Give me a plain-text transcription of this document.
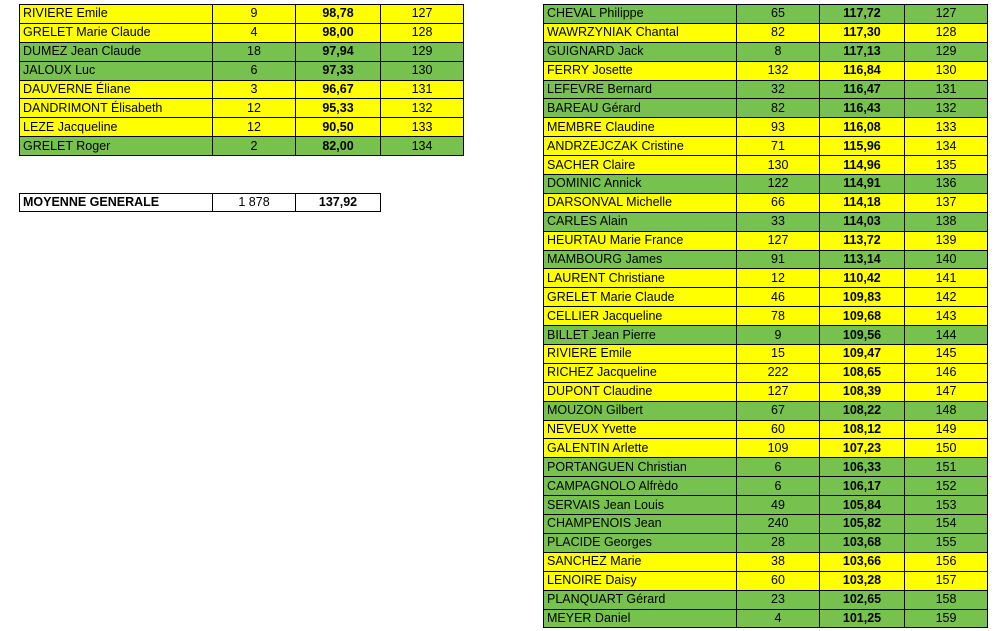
RIVIERE Emile	9	98,78	127
GRELET Marie Claude	4	98,00	128
DUMEZ Jean Claude	18	97,94	129
JALOUX Luc	6	97,33	130
DAUVERNE Éliane	3	96,67	131
DANDRIMONT Élisabeth	12	95,33	132
LEZE Jacqueline	12	90,50	133
GRELET Roger	2	82,00	134
MOYENNE GENERALE	1 878	137,92
CHEVAL Philippe	65	117,72	127
WAWRZYNIAK Chantal	82	117,30	128
GUIGNARD Jack	8	117,13	129
FERRY Josette	132	116,84	130
LEFEVRE Bernard	32	116,47	131
BAREAU Gérard	82	116,43	132
MEMBRE Claudine	93	116,08	133
ANDRZEJCZAK Cristine	71	115,96	134
SACHER Claire	130	114,96	135
DOMINIC Annick	122	114,91	136
DARSONVAL Michelle	66	114,18	137
CARLES Alain	33	114,03	138
HEURTAU Marie France	127	113,72	139
MAMBOURG James	91	113,14	140
LAURENT Christiane	12	110,42	141
GRELET Marie Claude	46	109,83	142
CELLIER Jacqueline	78	109,68	143
BILLET Jean Pierre	9	109,56	144
RIVIERE Emile	15	109,47	145
RICHEZ Jacqueline	222	108,65	146
DUPONT Claudine	127	108,39	147
MOUZON Gilbert	67	108,22	148
NEVEUX Yvette	60	108,12	149
GALENTIN Arlette	109	107,23	150
PORTANGUEN Christian	6	106,33	151
CAMPAGNOLO Alfrèdo	6	106,17	152
SERVAIS Jean Louis	49	105,84	153
CHAMPENOIS Jean	240	105,82	154
PLACIDE Georges	28	103,68	155
SANCHEZ Marie	38	103,66	156
LENOIRE Daisy	60	103,28	157
PLANQUART Gérard	23	102,65	158
MEYER Daniel	4	101,25	159
